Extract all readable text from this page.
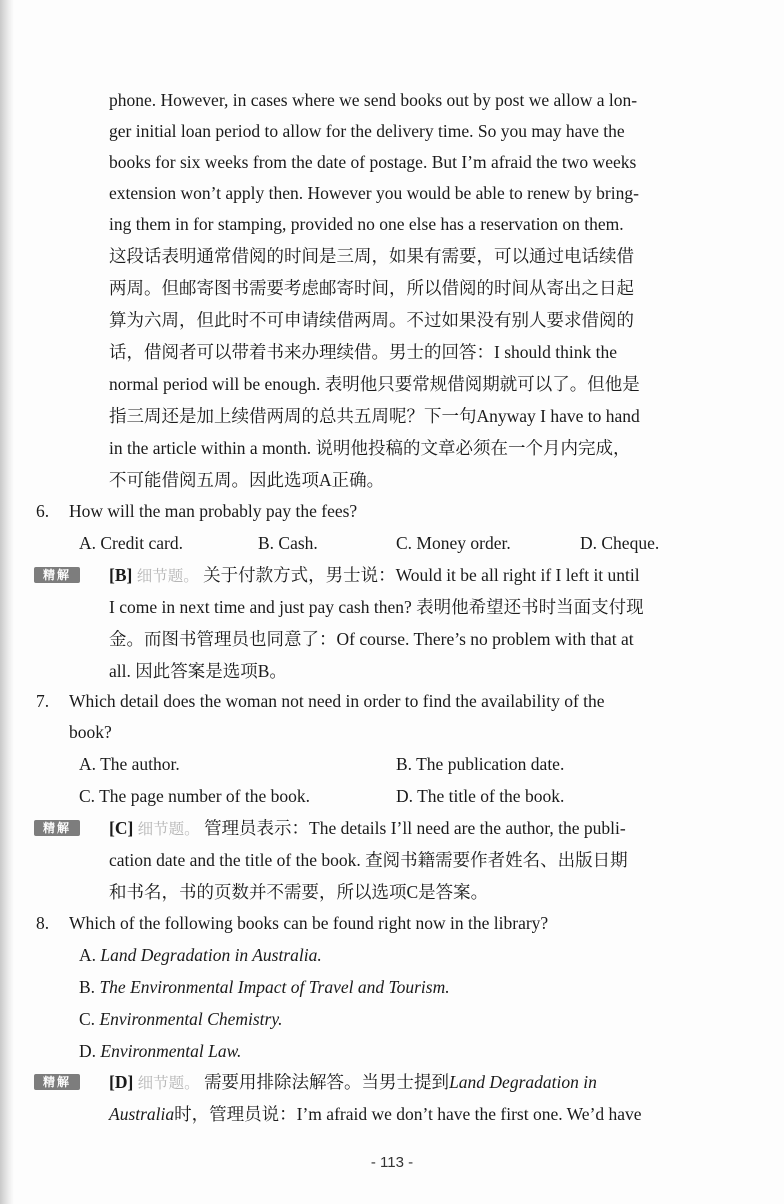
phone. However, in cases where we send books out by post we allow a lon-
ger initial loan period to allow for the delivery time. So you may have the
books for six weeks from the date of postage. But I’m afraid the two weeks
extension won’t apply then. However you would be able to renew by bring-
ing them in for stamping, provided no one else has a reservation on them.
这段话表明通常借阅的时间是三周，如果有需要，可以通过电话续借
两周。但邮寄图书需要考虑邮寄时间，所以借阅的时间从寄出之日起
算为六周，但此时不可申请续借两周。不过如果没有别人要求借阅的
话，借阅者可以带着书来办理续借。男士的回答：I should think the
normal period will be enough. 表明他只要常规借阅期就可以了。但他是
指三周还是加上续借两周的总共五周呢？下一句Anyway I have to hand
in the article within a month. 说明他投稿的文章必须在一个月内完成，
不可能借阅五周。因此选项A正确。
6. How will the man probably pay the fees?
A. Credit card.	B. Cash.	C. Money order.	D. Cheque.
精解	[B] 细节题。 关于付款方式，男士说：Would it be all right if I left it until
I come in next time and just pay cash then? 表明他希望还书时当面支付现
金。而图书管理员也同意了：Of course. There’s no problem with that at
all. 因此答案是选项B。
7. Which detail does the woman not need in order to find the availability of the
book?
A. The author.	B. The publication date.
C. The page number of the book.	D. The title of the book.
精解	[C] 细节题。 管理员表示：The details I’ll need are the author, the publi-
cation date and the title of the book. 查阅书籍需要作者姓名、出版日期
和书名，书的页数并不需要，所以选项C是答案。
8. Which of the following books can be found right now in the library?
A. Land Degradation in Australia.
B. The Environmental Impact of Travel and Tourism.
C. Environmental Chemistry.
D. Environmental Law.
精解	[D] 细节题。 需要用排除法解答。当男士提到Land Degradation in
Australia时，管理员说：I’m afraid we don’t have the first one. We’d have
- 113 -
